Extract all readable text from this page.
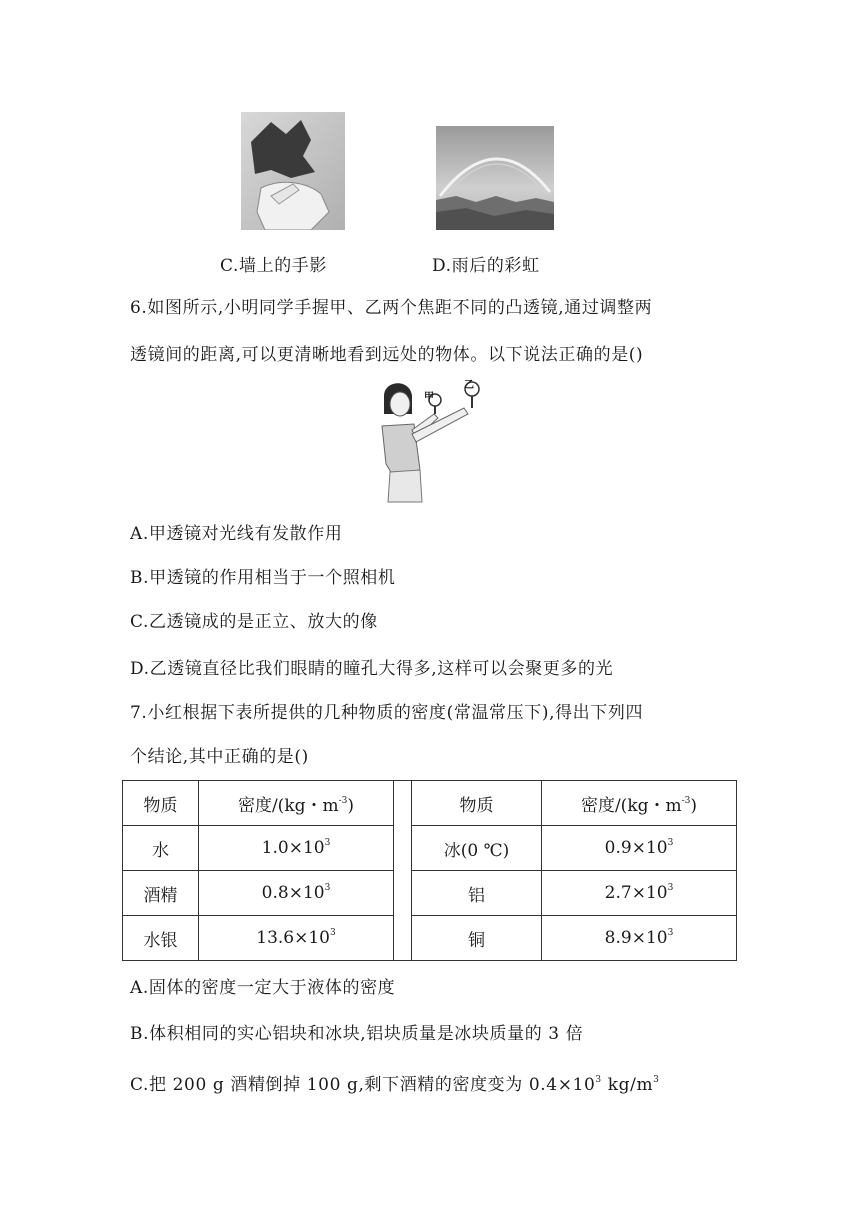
C.墙上的手影	D.雨后的彩虹
6.如图所示,小明同学手握甲、乙两个焦距不同的凸透镜,通过调整两
透镜间的距离,可以更清晰地看到远处的物体。以下说法正确的是()
甲
乙
A.甲透镜对光线有发散作用
B.甲透镜的作用相当于一个照相机
C.乙透镜成的是正立、放大的像
D.乙透镜直径比我们眼睛的瞳孔大得多,这样可以会聚更多的光
7.小红根据下表所提供的几种物质的密度(常温常压下),得出下列四
个结论,其中正确的是()
物质	密度/(kg・$m^{-3}$)		物质	密度/(kg・$m^{-3}$)
水	$1.0\times 10^3$		冰(0 ℃)	$0.9\times 10^3$
酒精	$0.8\times 10^3$		铝	$2.7\times 10^3$
水银	$13.6\times 10^3$		铜	$8.9\times 10^3$
A.固体的密度一定大于液体的密度
B.体积相同的实心铝块和冰块,铝块质量是冰块质量的 3 倍
C.把 200 g 酒精倒掉 100 g,剩下酒精的密度变为 $0.4\times 10^3$ $kg/m^3$
